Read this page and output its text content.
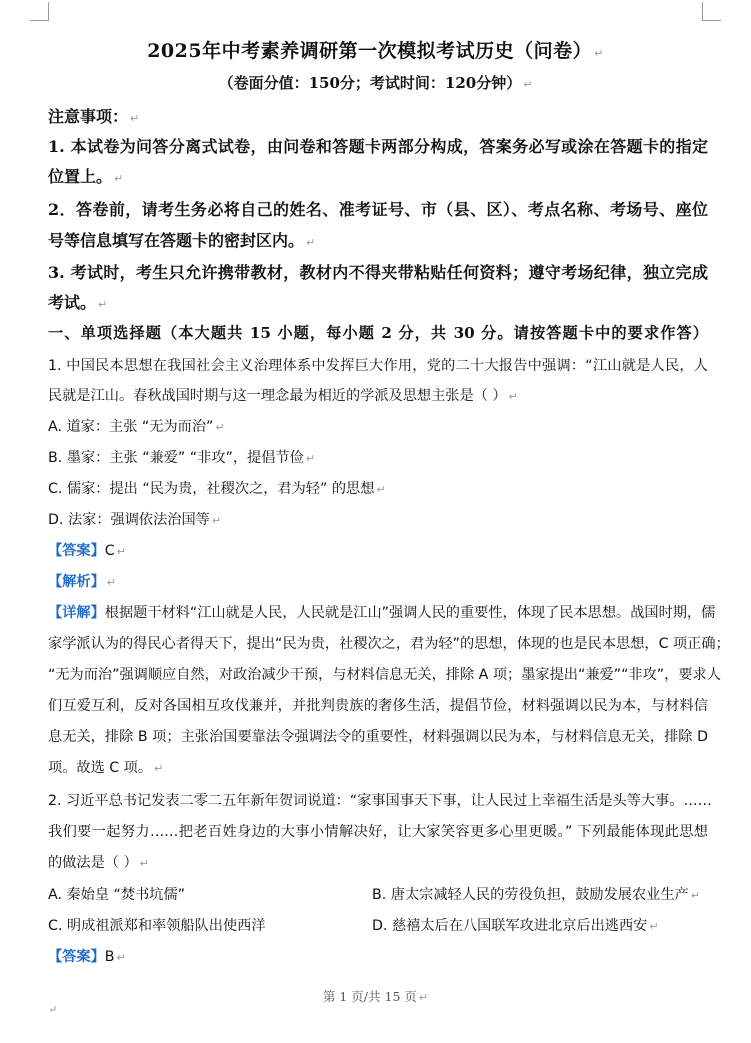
2025年中考素养调研第一次模拟考试历史（问卷） ↵
（卷面分值：150分；考试时间：120分钟） ↵
注意事项： ↵
1. 本试卷为问答分离式试卷，由问卷和答题卡两部分构成，答案务必写或涂在答题卡的指定
位置上。 ↵
2．答卷前，请考生务必将自己的姓名、准考证号、市（县、区）、考点名称、考场号、座位
号等信息填写在答题卡的密封区内。 ↵
3. 考试时，考生只允许携带教材，教材内不得夹带粘贴任何资料；遵守考场纪律，独立完成
考试。 ↵
一、单项选择题（本大题共 15 小题，每小题 2 分，共 30 分。请按答题卡中的要求作答）
1. 中国民本思想在我国社会主义治理体系中发挥巨大作用，党的二十大报告中强调：“江山就是人民，人
民就是江山。春秋战国时期与这一理念最为相近的学派及思想主张是（ ） ↵
A. 道家：主张 “无为而治” ↵
B. 墨家：主张 “兼爱” “非攻”，提倡节俭 ↵
C. 儒家：提出 “民为贵，社稷次之，君为轻” 的思想 ↵
D. 法家：强调依法治国等 ↵
【答案】C ↵
【解析】 ↵
【详解】根据题干材料“江山就是人民，人民就是江山”强调人民的重要性，体现了民本思想。战国时期，儒
家学派认为的得民心者得天下，提出“民为贵，社稷次之，君为轻”的思想，体现的也是民本思想，C 项正确；
“无为而治”强调顺应自然，对政治减少干预，与材料信息无关，排除 A 项；墨家提出“兼爱”“非攻”，要求人
们互爱互利，反对各国相互攻伐兼并，并批判贵族的奢侈生活，提倡节俭，材料强调以民为本，与材料信
息无关，排除 B 项；主张治国要靠法令强调法令的重要性，材料强调以民为本，与材料信息无关，排除 D
项。故选 C 项。 ↵
2. 习近平总书记发表二零二五年新年贺词说道：“家事国事天下事，让人民过上幸福生活是头等大事。……
我们要一起努力……把老百姓身边的大事小情解决好，让大家笑容更多心里更暖。” 下列最能体现此思想
的做法是（ ） ↵
A. 秦始皇 “焚书坑儒”	B. 唐太宗减轻人民的劳役负担，鼓励发展农业生产 ↵
C. 明成祖派郑和率领船队出使西洋	D. 慈禧太后在八国联军攻进北京后出逃西安 ↵
【答案】B ↵
第 1 页/共 15 页 ↵
↵
